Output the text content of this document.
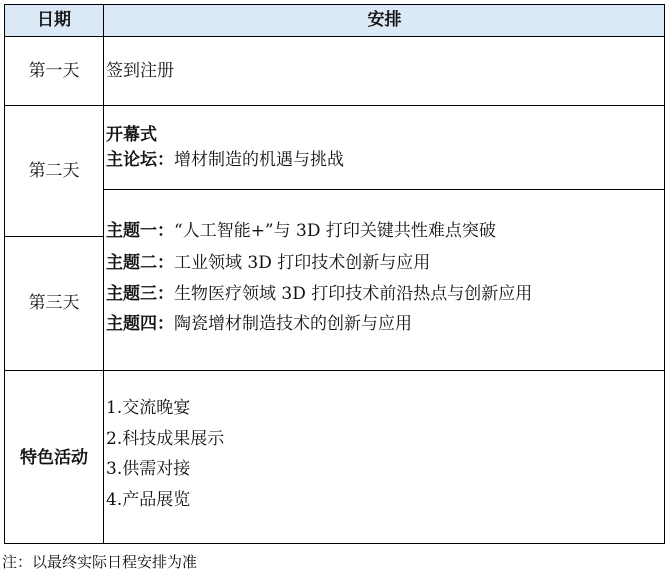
日期	安排
第一天	签到注册
第二天
开幕式
主论坛：增材制造的机遇与挑战
第三天
主题一：“人工智能+”与 3D 打印关键共性难点突破
主题二：工业领域 3D 打印技术创新与应用
主题三：生物医疗领域 3D 打印技术前沿热点与创新应用
主题四：陶瓷增材制造技术的创新与应用
特色活动
1.交流晚宴
2.科技成果展示
3.供需对接
4.产品展览
注：以最终实际日程安排为准
